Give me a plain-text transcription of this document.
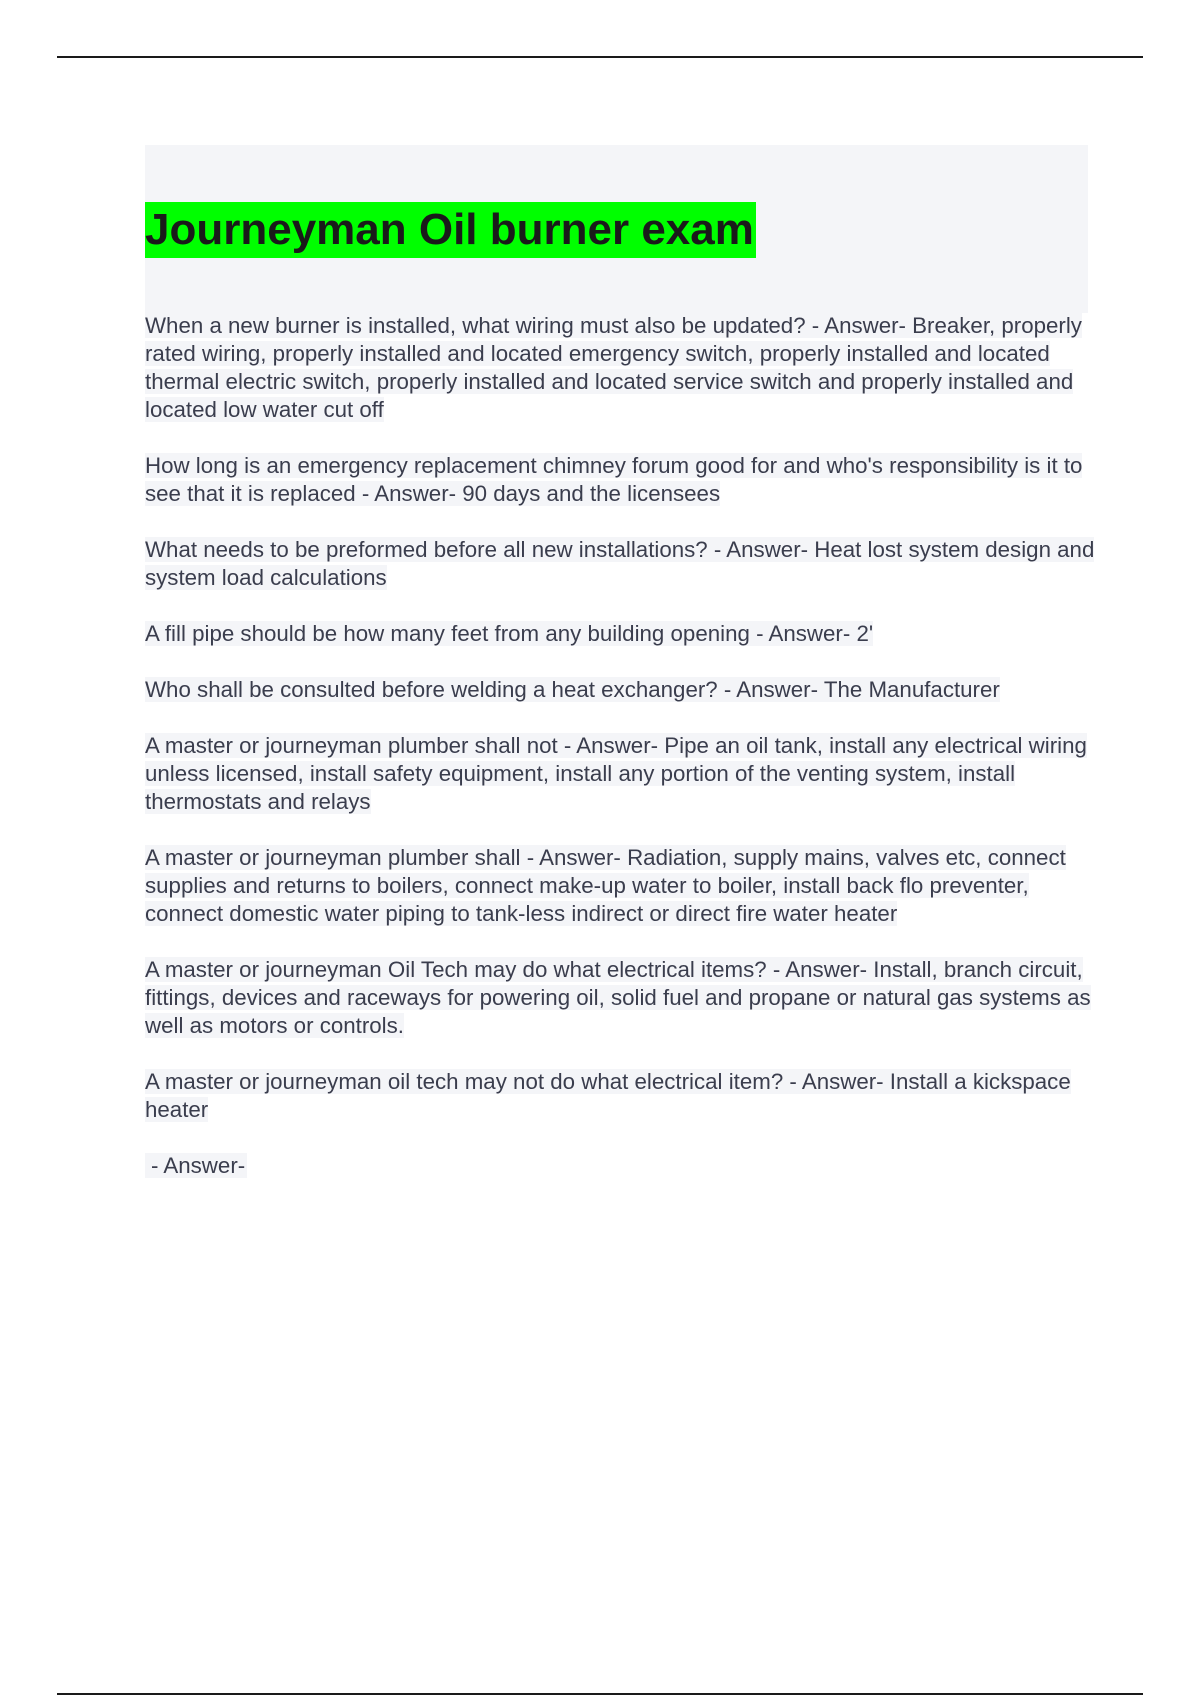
Journeyman Oil burner exam

When a new burner is installed, what wiring must also be updated? - Answer- Breaker, properly rated wiring, properly installed and located emergency switch, properly installed and located thermal electric switch, properly installed and located service switch and properly installed and located low water cut off

How long is an emergency replacement chimney forum good for and who's responsibility is it to see that it is replaced - Answer- 90 days and the licensees

What needs to be preformed before all new installations? - Answer- Heat lost system design and system load calculations

A fill pipe should be how many feet from any building opening - Answer- 2'

Who shall be consulted before welding a heat exchanger? - Answer- The Manufacturer

A master or journeyman plumber shall not - Answer- Pipe an oil tank, install any electrical wiring unless licensed, install safety equipment, install any portion of the venting system, install thermostats and relays

A master or journeyman plumber shall - Answer- Radiation, supply mains, valves etc, connect supplies and returns to boilers, connect make-up water to boiler, install back flo preventer, connect domestic water piping to tank-less indirect or direct fire water heater

A master or journeyman Oil Tech may do what electrical items? - Answer- Install, branch circuit, fittings, devices and raceways for powering oil, solid fuel and propane or natural gas systems as well as motors or controls.

A master or journeyman oil tech may not do what electrical item? - Answer- Install a kickspace heater

- Answer-
